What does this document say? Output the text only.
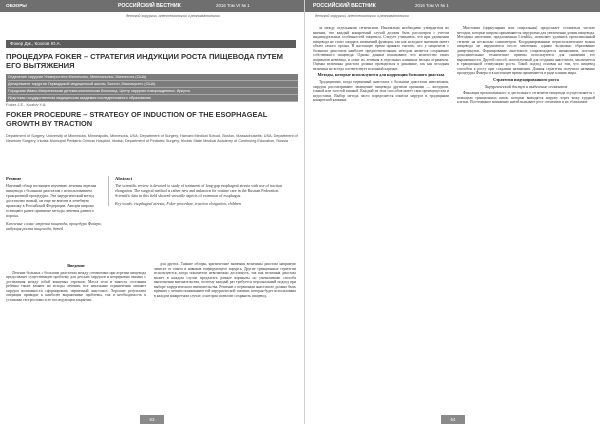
ОБЗОРЫ	РОССИЙСКИЙ ВЕСТНИК	2016 Том VI № 1
детской хирургии, анестезиологии и реаниматологии
Фокер Дж., Козлов Ю.А.
ПРОЦЕДУРА FOKER – СТРАТЕГИЯ ИНДУКЦИИ РОСТА ПИЩЕВОДА ПУТЕМ ЕГО ВЫТЯЖЕНИЯ
Отделение хирургии Университета Миннесоты, Миннеаполис, Миннесота (США)
Департамент хирургии Гарвардской медицинской школы, Бостон, Массачусетс (США)
Городская Ивано-Матренинская детская клиническая больница, Центр хирургии новорожденных, Иркутск
Иркутская государственная медицинская академия последипломного образования
Foker J.E., Kozlov Y.A.
FOKER PROCEDURE – STRATEGY OF INDUCTION OF THE ESOPHAGEAL GROWTH BY TRACTION
Department of Surgery, University of Minnesota, Minneapolis, Minnesota, USA; Department of Surgery, Harvard Medical School, Boston, Massachusetts, USA; Department of Newborn Surgery, Irkutsk Municipal Pediatric Clinical Hospital, Irkutsk; Department of Pediatric Surgery, Irkutsk State Medical Academy of Continuing Education, Russia
Резюме
Научный обзор посвящен изучению лечения атрезии пищевода с большим диастазом с использованием тракционной процедуры. Эта хирургический метод достаточно новый, он еще не внесен в лечебную практику в Российской Федерации. Авторы широко освещают ранее принятые методы лечения данного порока.
Ключевые слова: атрезия пищевода, процедура Фокера, индукция роста пищевода, детей
Abstract
The scientific review is devoted to study of treatment of long-gap esophageal atresia with use of traction elongation. The surgical method is rather new and unknown for routine care in the Russian Federation. Scientific data in this field showed versatile aspects of extension of esophagus.
Key words: esophageal atresia, Foker procedure, traction elongation, children
Введение

Лечение больных с большим диастазом между сегментами при атрезии пищевода представляет существенную проблему для детских хирургов и непрерывно связано с достижения между собой концевых отрезков. Масса тела и тяжесть состояния ребенка также влияют на исходы лечения, все начальные ограничения лишают хирурга возможности сформировать первичный анастомоз. Хорошие результаты операции приводят к наиболее выраженные проблемы, так и необходимость в установке гастростомы и ее последующем закрытии.

для других. Тяжкие обзоры, критические значения величины диастаза напрямую зависят от опыта и навыков оперирующего хирурга. Другие тракционные стратегии используются, когда показатели невозможно достигнуть, так как величина диастаза может в каждом случае предлагать разные варианты по уменьшению способа выполнения вмешательства, поэтому каждый раз требуется персональный подход при выборе хирургического вмешательства. Решение о первичном анастомозе должно быть принято с четким пониманием той хирургической тактики, которая будет использована в каждом конкретном случае, и которая позволит сохранить пищевод.

63
РОССИЙСКИЙ ВЕСТНИК	2016 Том VI № 1
детской хирургии, анестезиологии и реаниматологии

за между отдельными сегментами. Изначально необходимо утвердиться во мнении, что каждый конкретный случай должен быть рассмотрен с учетом индивидуальных особенностей пациента. Следует учитывать, что при удлинении пищевода не стоит ожидать изменений функции, так как исходное значение имеет объем самого органа. В настоящее время принято считать, что у пациентов с большим диастазом наиболее предпочтительным методом является сохранение собственного пищевода. Однако данные показывают, что количество таких пациентов невелико, и опыт их лечения в отдельных клиниках весьма ограничен. Оценка величины диастаза должна проводиться в динамике, так как исходная величина не всегда соответствует истинной картине.

Методы, которые используются для коррекции большого диастаза

Традиционно, когда первичный анастомоз с большим диастазом невозможен, хирурги рассматривают замещение пищевода другими органами — желудком, тонкой или толстой кишкой. Каждый из этих способов имеет свои преимущества и недостатки. Выбор метода часто определяется опытом хирурга и традициями конкретной клиники.

Миотомия (циркулярная или спиральная) продолжает оставаться частью методов, которые широко применяются хирургами для увеличения длины пищевода. Методика миотомии, предложенная Livaditis, позволяет удлинить проксимальный сегмент на несколько сантиметров. Координированные перистальтические волны пищевода не нарушаются после миотомии, однако возможно образование дивертикулов. Формирование анастомоза сопровождается натяжением, поэтому дополнительные технические приемы используются для снижения его выраженности. Другой способ, используемый для создания анастомоза, заключается в тракционной стимуляции роста. Такой подход основан на том, что пищевод способен к росту при создании натяжения. Данная стратегия получила название процедуры Фокера и в настоящее время применяется в ряде клиник мира.

Стратегия индуцированного роста
Хирургический доступ и выделение сегментов

Фиксация проксимального и дистального сегментов пищевода осуществляется с помощью тракционных швов, которые выводятся наружу через кожу грудной клетки. Постепенное натяжение нитей вызывает рост сегментов и их сближение.

64
